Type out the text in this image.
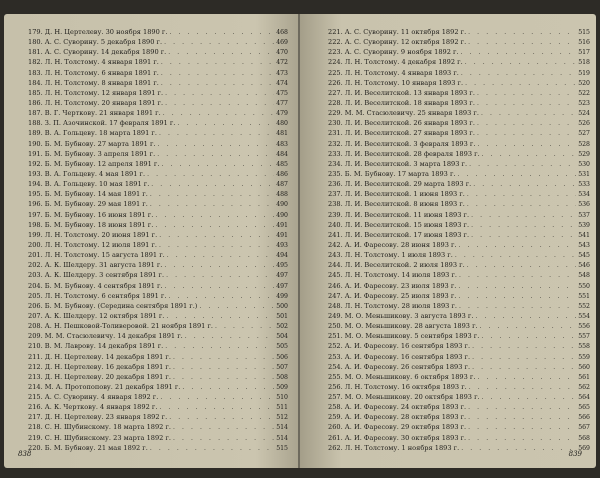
179. Д. Н. Цертелеву. 30 ноября 1890 г. . . .	468
180. А. С. Суворину. 5 декабря 1890 г. . . .	469
181. А. С. Суворину. 14 декабря 1890 г. . . .	470
182. Л. Н. Толстому. 4 января 1891 г. . . .	472
183. Л. Н. Толстому. 6 января 1891 г. . . .	473
184. Л. Н. Толстому. 8 января 1891 г. . . .	474
185. Л. Н. Толстому. 12 января 1891 г. . . .	475
186. Л. Н. Толстому. 20 января 1891 г. . . .	477
187. В. Г. Черткову. 21 января 1891 г. . . .	479
188. З. П. Азочинской. 17 февраля 1891 г. . . .	480
189. В. А. Гольцеву. 18 марта 1891 г. . . .	481
190. Б. М. Бубнову. 27 марта 1891 г. . . .	483
191. Б. М. Бубнову. 3 апреля 1891 г. . . .	484
192. Б. М. Бубнову. 12 апреля 1891 г. . . .	485
193. В. А. Гольцеву. 4 мая 1891 г. . . .	486
194. В. А. Гольцеву. 10 мая 1891 г. . . .	487
195. Б. М. Бубнову. 14 мая 1891 г. . . .	488
196. Б. М. Бубнову. 29 мая 1891 г. . . .	490
197. Б. М. Бубнову. 16 июня 1891 г. . . .	490
198. Б. М. Бубнову. 18 июня 1891 г. . . .	491
199. Л. Н. Толстому. 20 июня 1891 г. . . .	491
200. Л. Н. Толстому. 12 июля 1891 г. . . .	493
201. Л. Н. Толстому. 15 августа 1891 г. . . .	494
202. А. К. Шелдеру. 31 августа 1891 г. . . .	495
203. А. К. Шелдеру. 3 сентября 1891 г. . . .	497
204. Б. М. Бубнову. 4 сентября 1891 г. . . .	497
205. Л. Н. Толстому. 6 сентября 1891 г. . . .	499
206. Б. М. Бубнову. (Середина сентября 1891 г.) . . .	500
207. А. К. Шелдеру. 12 октября 1891 г. . . .	501
208. А. Н. Пешковой-Толиверовой. 21 ноября 1891 г. . . .	502
209. М. М. Стасюлевичу. 14 декабря 1891 г. . . .	504
210. В. М. Лаврову. 14 декабря 1891 г. . . .	505
211. Д. Н. Цертелеву. 14 декабря 1891 г. . . .	506
212. Д. Н. Цертелеву. 16 декабря 1891 г. . . .	507
213. Д. Н. Цертелеву. 20 декабря 1891 г. . . .	508
214. М. А. Протопопову. 21 декабря 1891 г. . . .	509
215. А. С. Суворину. 4 января 1892 г. . . .	510
216. А. К. Черткову. 4 января 1892 г. . . .	511
217. Д. Н. Цертелеву. 23 января 1892 г. . . .	512
218. С. Н. Шубинскому. 18 марта 1892 г. . . .	514
219. С. Н. Шубинскому. 23 марта 1892 г. . . .	514
220. Б. М. Бубнову. 21 мая 1892 г. . . .	515
838
221. А. С. Суворину. 11 октября 1892 г. . . .	515
222. А. С. Суворину. 12 октября 1892 г. . . .	516
223. А. С. Суворину. 9 ноября 1892 г. . . .	517
224. Л. Н. Толстому. 4 декабря 1892 г. . . .	518
225. Л. Н. Толстому. 4 января 1893 г. . . .	519
226. Л. Н. Толстому. 10 января 1893 г. . . .	520
227. Л. И. Веселитской. 13 января 1893 г. . . .	522
228. Л. И. Веселитской. 18 января 1893 г. . . .	523
229. М. М. Стасюлевичу. 25 января 1893 г. . . .	524
230. Л. И. Веселитской. 26 января 1893 г. . . .	526
231. Л. И. Веселитской. 27 января 1893 г. . . .	527
232. Л. И. Веселитской. 3 февраля 1893 г. . . .	528
233. Л. И. Веселитской. 28 февраля 1893 г. . . .	529
234. Л. И. Веселитской. 3 марта 1893 г. . . .	530
235. Б. М. Бубнову. 17 марта 1893 г. . . .	531
236. Л. И. Веселитской. 29 марта 1893 г. . . .	533
237. Л. И. Веселитской. 1 июня 1893 г. . . .	534
238. Л. И. Веселитской. 8 июня 1893 г. . . .	536
239. Л. И. Веселитской. 11 июня 1893 г. . . .	537
240. Л. И. Веселитской. 15 июня 1893 г. . . .	539
241. Л. И. Веселитской. 17 июня 1893 г. . . .	541
242. А. И. Фаресову. 28 июня 1893 г. . . .	543
243. Л. Н. Толстому. 1 июля 1893 г. . . .	545
244. Л. И. Веселитской. 2 июля 1893 г. . . .	546
245. Л. Н. Толстому. 14 июля 1893 г. . . .	548
246. А. И. Фаресову. 23 июля 1893 г. . . .	550
247. А. И. Фаресову. 25 июля 1893 г. . . .	551
248. Л. Н. Толстому. 28 июля 1893 г. . . .	552
249. М. О. Меньшикову. 3 августа 1893 г. . . .	554
250. М. О. Меньшикову. 28 августа 1893 г. . . .	556
251. М. О. Меньшикову. 5 сентября 1893 г. . . .	557
252. А. И. Фаресову. 16 сентября 1893 г. . . .	558
253. А. И. Фаресову. 16 сентября 1893 г. . . .	559
254. А. И. Фаресову. 26 сентября 1893 г. . . .	560
255. М. О. Меньшикову. 6 октября 1893 г. . . .	561
256. Л. Н. Толстому. 16 октября 1893 г. . . .	562
257. М. О. Меньшикову. 20 октября 1893 г. . . .	564
258. А. И. Фаресову. 24 октября 1893 г. . . .	565
259. А. И. Фаресову. 28 октября 1893 г. . . .	566
260. А. И. Фаресову. 29 октября 1893 г. . . .	567
261. А. И. Фаресову. 30 октября 1893 г. . . .	568
262. Л. Н. Толстому. 1 ноября 1893 г. . . .	569
839
